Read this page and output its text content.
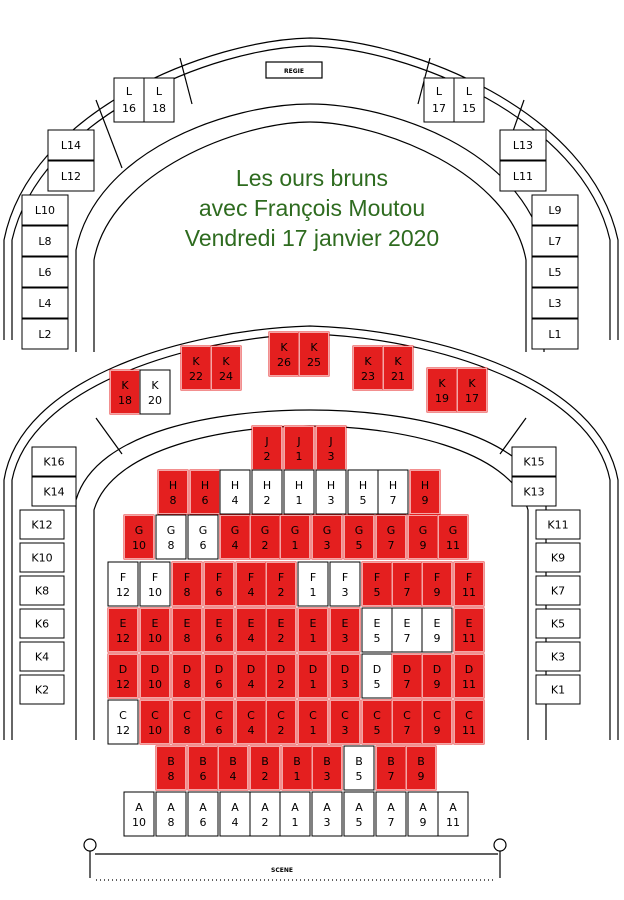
REGIE
SCENE
L
16
L
18
L
17
L
15
L14
L12
L10
L8
L6
L4
L2
L13
L11
L9
L7
L5
L3
L1
K16
K14
K12
K10
K8
K6
K4
K2
K15
K13
K11
K9
K7
K5
K3
K1
K
18
K
20
K
22
K
24
K
26
K
25	K
23
K
21
K
19
K
17
J
2
J
1
J
3
H
8
H
6
H
4
H
2
H
1
H
3
H
5
H
7
H
9
G
10
G
8
G
6
G
4
G
2
G
1
G
3
G
5
G
7
G
9
G
11
F
12
F
10
F
8
F
6
F
4
F
2
F
1
F
3
F
5
F
7
F
9
F
11
E
12
E
10
E
8
E
6
E
4
E
2
E
1
E
3
E
5
E
7
E
9
E
11
D
12
D
10
D
8
D
6
D
4
D
2
D
1
D
3
D
5
D
7
D
9
D
11
C
12
C
10
C
8
C
6
C
4
C
2
C
1
C
3
C
5
C
7
C
9
C
11
B
8
B
6
B
4
B
2
B
1
B
3
B
5
B
7
B
9
A
10
A
8
A
6
A
4
A
2
A
1
A
3
A
5
A
7
A
9
A
11
Les ours bruns
avec François Moutou
Vendredi 17 janvier 2020
